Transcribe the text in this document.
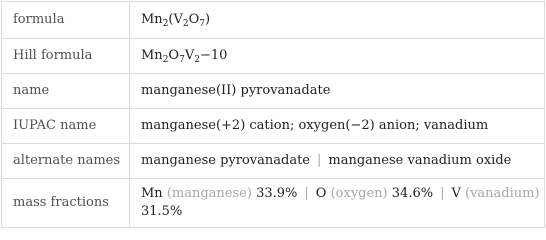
formula	$Mn_2(V_2O_7)$
Hill formula	$Mn_2O_7V_2-10$
name	manganese(II) pyrovanadate
IUPAC name	manganese(+2) cation; oxygen(−2) anion; vanadium
alternate names	manganese pyrovanadate | manganese vanadium oxide
mass fractions	Mn (manganese) 33.9% | O (oxygen) 34.6% | V (vanadium) 31.5%
